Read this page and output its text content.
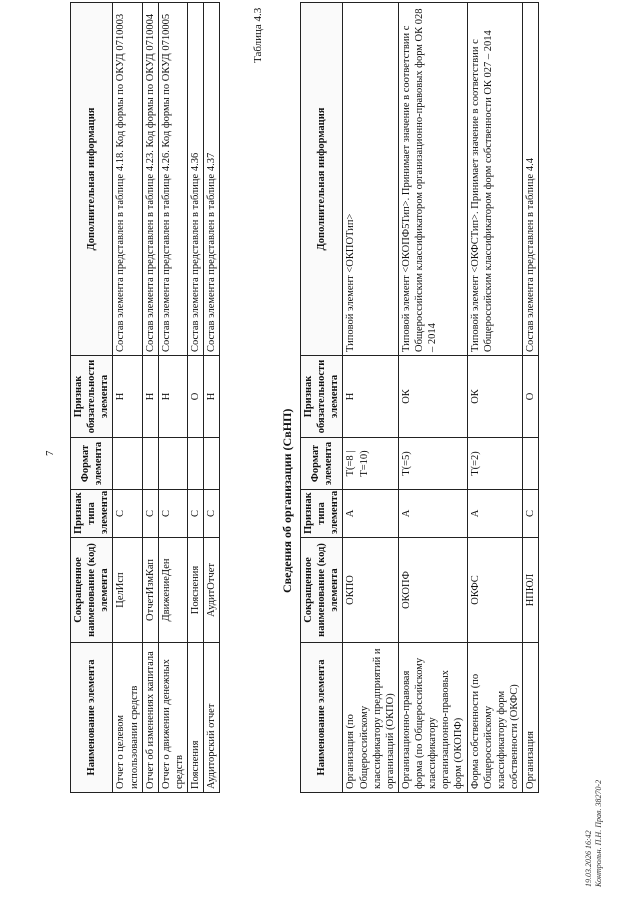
7
Наименование элемента	Сокращенное наименование (код) элемента	Признак типа элемента	Формат элемента	Признак обязательности элемента	Дополнительная информация
Отчет о целевом использовании средств	ЦелИсп	С		Н	Состав элемента представлен в таблице 4.18. Код формы по ОКУД 0710003
Отчет об изменениях капитала	ОтчетИзмКап	С		Н	Состав элемента представлен в таблице 4.23. Код формы по ОКУД 0710004
Отчет о движении денежных средств	ДвижениеДен	С		Н	Состав элемента представлен в таблице 4.26. Код формы по ОКУД 0710005
Пояснения	Пояснения	С		О	Состав элемента представлен в таблице 4.36
Аудиторский отчет	АудитОтчет	С		Н	Состав элемента представлен в таблице 4.37
Таблица 4.3
Сведения об организации (СвНП)
Наименование элемента	Сокращенное наименование (код) элемента	Признак типа элемента	Формат элемента	Признак обязательности элемента	Дополнительная информация
Организация (по Общероссийскому классификатору предприятий и организаций (ОКПО)	ОКПО	А	T(=8 | T=10)	Н	Типовой элемент <ОКПОТип>
Организационно-правовая форма (по Общероссийскому классификатору организационно-правовых форм (ОКОПФ)	ОКОПФ	А	T(=5)	ОК	Типовой элемент <ОКОПФ5Тип>. Принимает значение в соответствии с Общероссийским классификатором организационно-правовых форм ОК 028 – 2014
Форма собственности (по Общероссийскому классификатору форм собственности (ОКФС)	ОКФС	А	T(=2)	ОК	Типовой элемент <ОКФСТип>. Принимает значение в соответствии с Общероссийским классификатором форм собственности ОК 027 – 2014
Организация	НПЮЛ	С		О	Состав элемента представлен в таблице 4.4
19.03.2026 16:42 Контрольн. П.Н. Прав. 38270-2
